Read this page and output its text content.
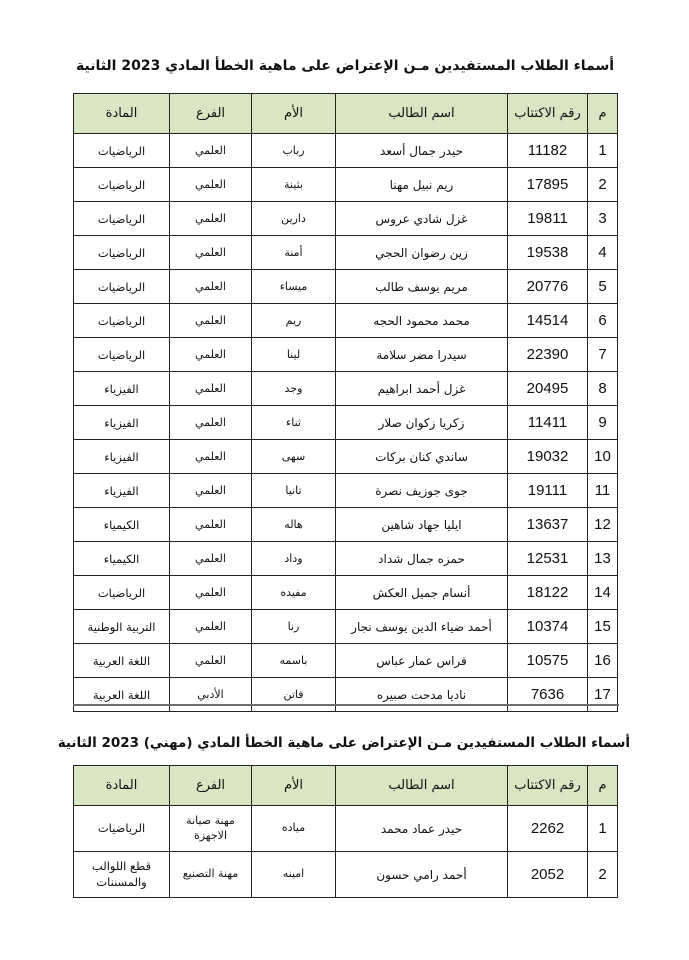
أسماء الطلاب المستفيدين مـن الإعتراض على ماهية الخطأ المادي 2023 الثانية
م	رقم الاكتتاب	اسم الطالب	الأم	الفرع	المادة
1	11182	حيدر جمال أسعد	رباب	العلمي	الرياضيات
2	17895	ريم نبيل مهنا	بثينة	العلمي	الرياضيات
3	19811	غزل شادي عروس	دارين	العلمي	الرياضيات
4	19538	زين رضوان الحجي	أمنة	العلمي	الرياضيات
5	20776	مريم يوسف طالب	ميساء	العلمي	الرياضيات
6	14514	محمد محمود الحجه	ريم	العلمي	الرياضيات
7	22390	سيدرا مضر سلامة	لينا	العلمي	الرياضيات
8	20495	غزل أحمد ابراهيم	وجد	العلمي	الفيزياء
9	11411	زكريا زكوان صلار	ثناء	العلمي	الفيزياء
10	19032	ساندي كنان بركات	سهى	العلمي	الفيزياء
11	19111	جوى جوزيف نصرة	تانيا	العلمي	الفيزياء
12	13637	ايليا جهاد شاهين	هاله	العلمي	الكيمياء
13	12531	حمزه جمال شداد	وداد	العلمي	الكيمياء
14	18122	أنسام جميل العكش	مفيده	العلمي	الرياضيات
15	10374	أحمد ضياء الدين يوسف نجار	رنا	العلمي	التربية الوطنية
16	10575	فراس عمار عباس	باسمه	العلمي	اللغة العربية
17	7636	ناديا مدحت صبيره	فاتن	الأدبي	اللغة العربية
أسماء الطلاب المستفيدين مـن الإعتراض على ماهية الخطأ المادي (مهني) 2023 الثانية
م	رقم الاكتتاب	اسم الطالب	الأم	الفرع	المادة
1	2262	حيدر عماد محمد	مياده	مهنة صيانة الاجهزة	الرياضيات
2	2052	أحمد رامي حسون	امينه	مهنة التصنيع	قطع اللوالب والمسننات
